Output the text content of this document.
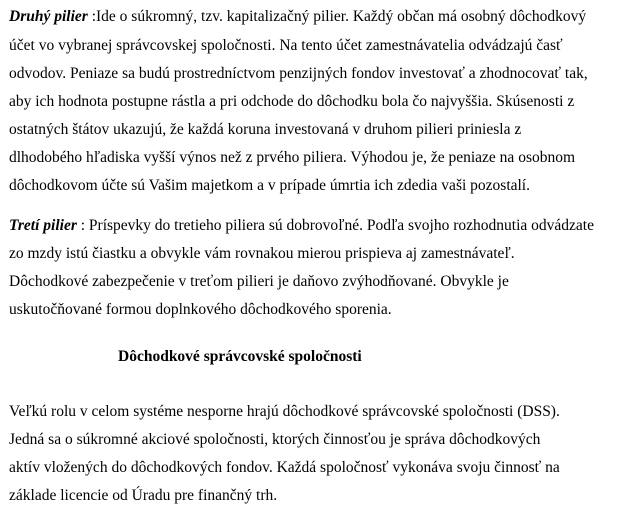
Druhý pilier :Ide o súkromný, tzv. kapitalizačný pilier. Každý občan má osobný dôchodkový
účet vo vybranej správcovskej spoločnosti. Na tento účet zamestnávatelia odvádzajú časť
odvodov. Peniaze sa budú prostredníctvom penzijných fondov investovať a zhodnocovať tak,
aby ich hodnota postupne rástla a pri odchode do dôchodku bola čo najvyššia. Skúsenosti z
ostatných štátov ukazujú, že každá koruna investovaná v druhom pilieri priniesla z
dlhodobého hľadiska vyšší výnos než z prvého piliera. Výhodou je, že peniaze na osobnom
dôchodkovom účte sú Vašim majetkom a v prípade úmrtia ich zdedia vaši pozostalí.
Tretí pilier : Príspevky do tretieho piliera sú dobrovoľné. Podľa svojho rozhodnutia odvádzate
zo mzdy istú čiastku a obvykle vám rovnakou mierou prispieva aj zamestnávateľ.
Dôchodkové zabezpečenie v treťom pilieri je daňovo zvýhodňované. Obvykle je
uskutočňované formou doplnkového dôchodkového sporenia.
Dôchodkové správcovské spoločnosti
Veľkú rolu v celom systéme nesporne hrajú dôchodkové správcovské spoločnosti (DSS).
Jedná sa o súkromné akciové spoločnosti, ktorých činnosťou je správa dôchodkových
aktív vložených do dôchodkových fondov. Každá spoločnosť vykonáva svoju činnosť na
základe licencie od Úradu pre finančný trh.
